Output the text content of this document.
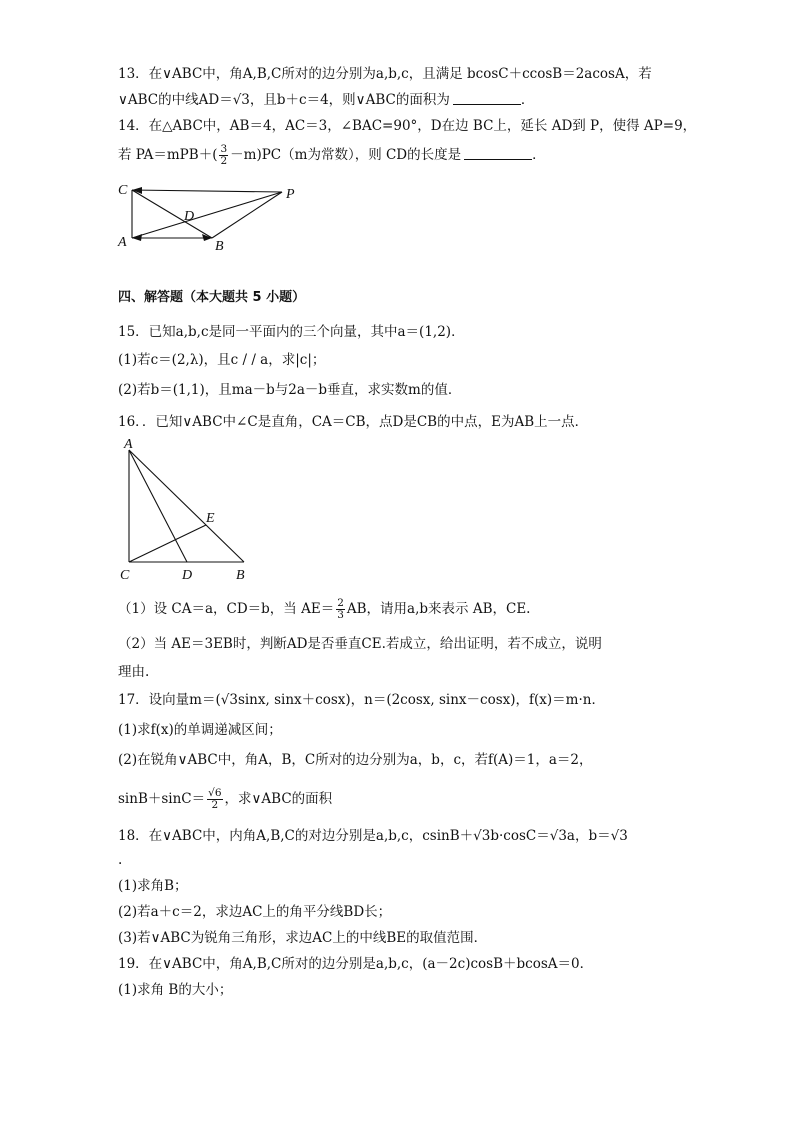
13．在∨ABC中，角A,B,C所对的边分别为a,b,c，且满足 bcosC＋ccosB＝2acosA，若
∨ABC的中线AD＝√3，且b＋c＝4，则∨ABC的面积为	．
14．在△ABC中，AB＝4，AC＝3，∠BAC=90°，D在边 BC上，延长 AD到 P，使得 AP=9，
若 $PA=mPB+( \frac{3}{2} -m)PC(m$为常数），则 CD的长度是	．
C	P
D
A	B
四、解答题（本大题共 5 小题）
15．已知a,b,c是同一平面内的三个向量，其中a＝(1,2)．
(1)若c＝(2,λ)，且c / / a，求|c|；
(2)若b＝(1,1)，且ma－b与2a－b垂直，求实数m的值．
16．．已知∨ABC中∠C是直角，CA＝CB，点D是CB的中点，E为AB上一点．
A
E
C	D	B
（1）设 CA＝a，CD＝b，当 $AE= \frac{2}{3}$ AB，请用a,b来表示 AB，CE.
（2）当 AE＝3EB时，判断AD是否垂直CE.若成立，给出证明，若不成立，说明
理由.
17．设向量m＝(√3sinx, sinx＋cosx)，n＝(2cosx, sinx－cosx)，f(x)＝m·n．
(1)求f(x)的单调递减区间；
(2)在锐角∨ABC中，角A，B，C所对的边分别为a，b，c，若f(A)＝1，a＝2，
$\sin B+\sin C= \frac{√6}{2}$ ，求∨ABC的面积
18．在∨ABC中，内角A,B,C的对边分别是a,b,c，csinB＋√3b·cosC＝√3a，b＝√3
.
(1)求角B；
(2)若a＋c＝2，求边AC上的角平分线BD长；
(3)若∨ABC为锐角三角形，求边AC上的中线BE的取值范围．
19．在∨ABC中，角A,B,C所对的边分别是a,b,c，(a－2c)cosB＋bcosA＝0．
(1)求角 B的大小；
